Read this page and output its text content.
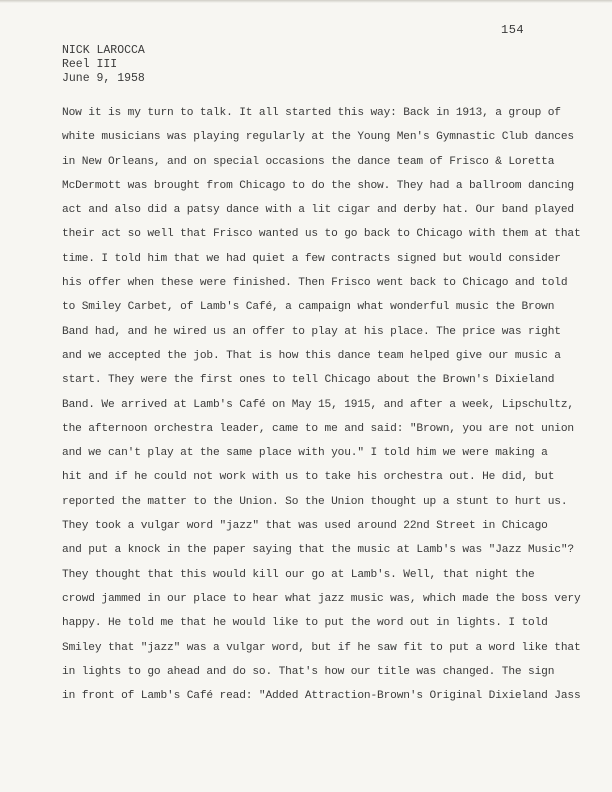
154
NICK LAROCCA
Reel III
June 9, 1958
Now it is my turn to talk. It all started this way: Back in 1913, a group of
white musicians was playing regularly at the Young Men's Gymnastic Club dances
in New Orleans, and on special occasions the dance team of Frisco & Loretta
McDermott was brought from Chicago to do the show. They had a ballroom dancing
act and also did a patsy dance with a lit cigar and derby hat. Our band played
their act so well that Frisco wanted us to go back to Chicago with them at that
time. I told him that we had quiet a few contracts signed but would consider
his offer when these were finished. Then Frisco went back to Chicago and told
to Smiley Carbet, of Lamb's Café, a campaign what wonderful music the Brown
Band had, and he wired us an offer to play at his place. The price was right
and we accepted the job. That is how this dance team helped give our music a
start. They were the first ones to tell Chicago about the Brown's Dixieland
Band. We arrived at Lamb's Café on May 15, 1915, and after a week, Lipschultz,
the afternoon orchestra leader, came to me and said: "Brown, you are not union
and we can't play at the same place with you." I told him we were making a
hit and if he could not work with us to take his orchestra out. He did, but
reported the matter to the Union. So the Union thought up a stunt to hurt us.
They took a vulgar word "jazz" that was used around 22nd Street in Chicago
and put a knock in the paper saying that the music at Lamb's was "Jazz Music"?
They thought that this would kill our go at Lamb's. Well, that night the
crowd jammed in our place to hear what jazz music was, which made the boss very
happy. He told me that he would like to put the word out in lights. I told
Smiley that "jazz" was a vulgar word, but if he saw fit to put a word like that
in lights to go ahead and do so. That's how our title was changed. The sign
in front of Lamb's Café read: "Added Attraction-Brown's Original Dixieland Jass
